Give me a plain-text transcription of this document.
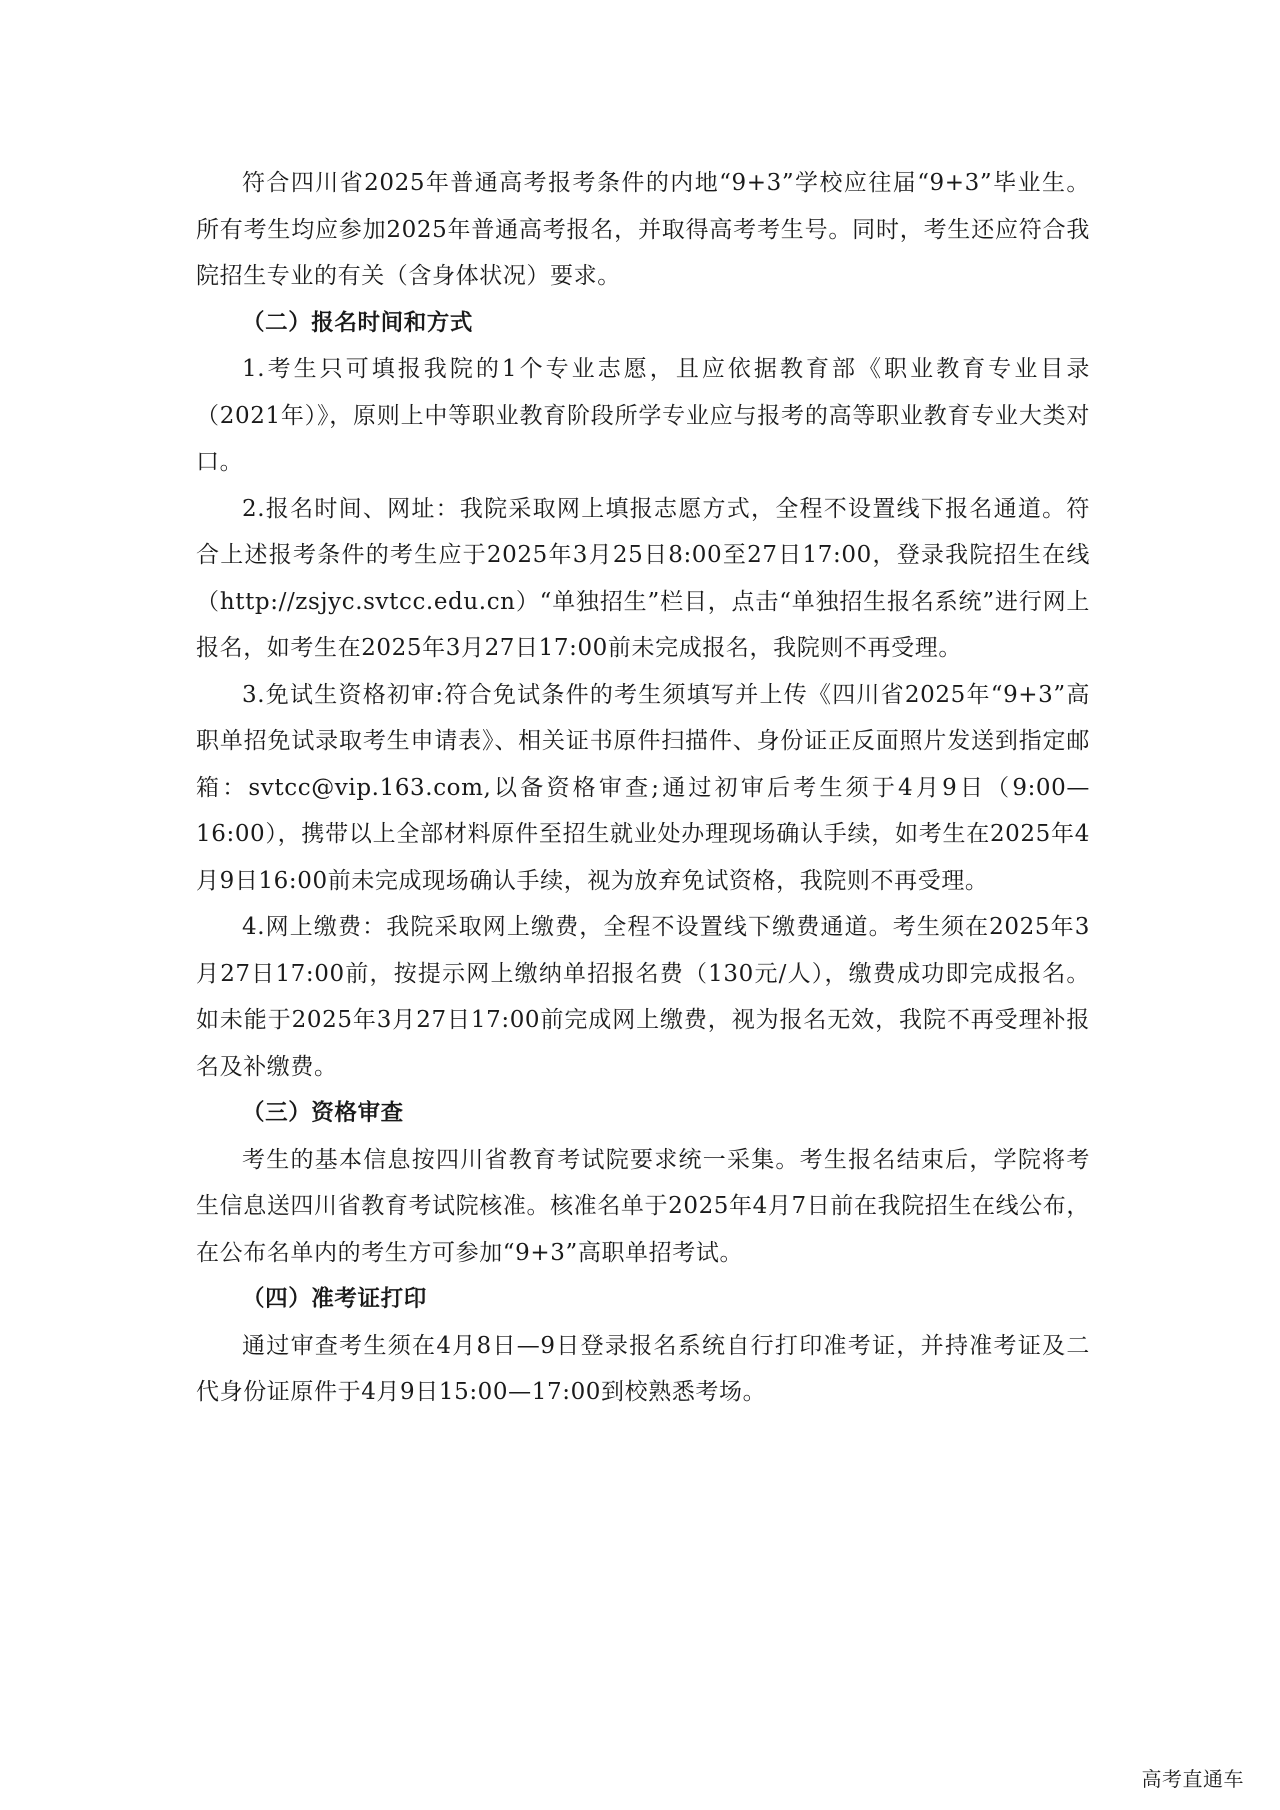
符合四川省2025年普通高考报考条件的内地“9+3”学校应往届“9+3”毕业生。所有考生均应参加2025年普通高考报名，并取得高考考生号。同时，考生还应符合我院招生专业的有关（含身体状况）要求。

（二）报名时间和方式

1.考生只可填报我院的1个专业志愿，且应依据教育部《职业教育专业目录（2021年）》，原则上中等职业教育阶段所学专业应与报考的高等职业教育专业大类对口。

2.报名时间、网址：我院采取网上填报志愿方式，全程不设置线下报名通道。符合上述报考条件的考生应于2025年3月25日8:00至27日17:00，登录我院招生在线（http://zsjyc.svtcc.edu.cn）“单独招生”栏目，点击“单独招生报名系统”进行网上报名，如考生在2025年3月27日17:00前未完成报名，我院则不再受理。

3.免试生资格初审:符合免试条件的考生须填写并上传《四川省2025年“9+3”高职单招免试录取考生申请表》、相关证书原件扫描件、身份证正反面照片发送到指定邮箱：svtcc@vip.163.com,以备资格审查;通过初审后考生须于4月9日（9:00—16:00），携带以上全部材料原件至招生就业处办理现场确认手续，如考生在2025年4月9日16:00前未完成现场确认手续，视为放弃免试资格，我院则不再受理。

4.网上缴费：我院采取网上缴费，全程不设置线下缴费通道。考生须在2025年3月27日17:00前，按提示网上缴纳单招报名费（130元/人），缴费成功即完成报名。如未能于2025年3月27日17:00前完成网上缴费，视为报名无效，我院不再受理补报名及补缴费。

（三）资格审查

考生的基本信息按四川省教育考试院要求统一采集。考生报名结束后，学院将考生信息送四川省教育考试院核准。核准名单于2025年4月7日前在我院招生在线公布，在公布名单内的考生方可参加“9+3”高职单招考试。

（四）准考证打印

通过审查考生须在4月8日—9日登录报名系统自行打印准考证，并持准考证及二代身份证原件于4月9日15:00—17:00到校熟悉考场。

高考直通车
